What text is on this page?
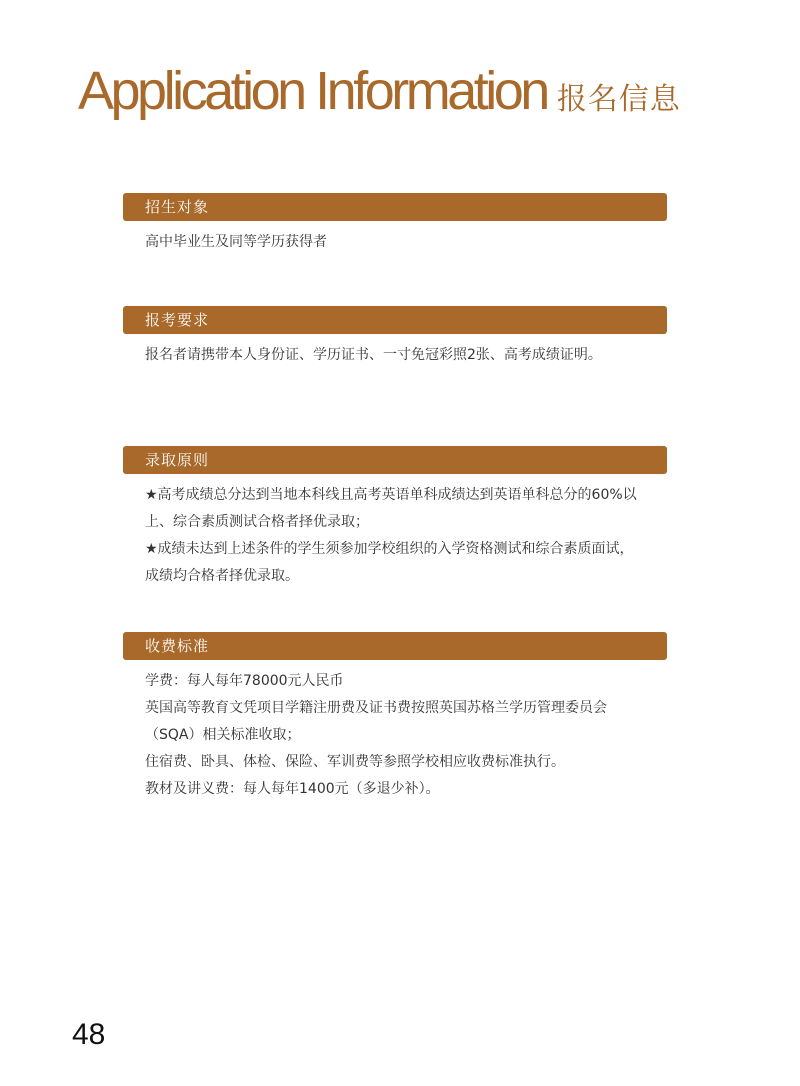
Application Information 报名信息
招生对象

高中毕业生及同等学历获得者

报考要求

报名者请携带本人身份证、学历证书、一寸免冠彩照2张、高考成绩证明。

录取原则

★高考成绩总分达到当地本科线且高考英语单科成绩达到英语单科总分的60%以上、综合素质测试合格者择优录取；

★成绩未达到上述条件的学生须参加学校组织的入学资格测试和综合素质面试，成绩均合格者择优录取。

收费标准

学费：每人每年78000元人民币

英国高等教育文凭项目学籍注册费及证书费按照英国苏格兰学历管理委员会（SQA）相关标准收取；

住宿费、卧具、体检、保险、军训费等参照学校相应收费标准执行。

教材及讲义费：每人每年1400元（多退少补）。

48
